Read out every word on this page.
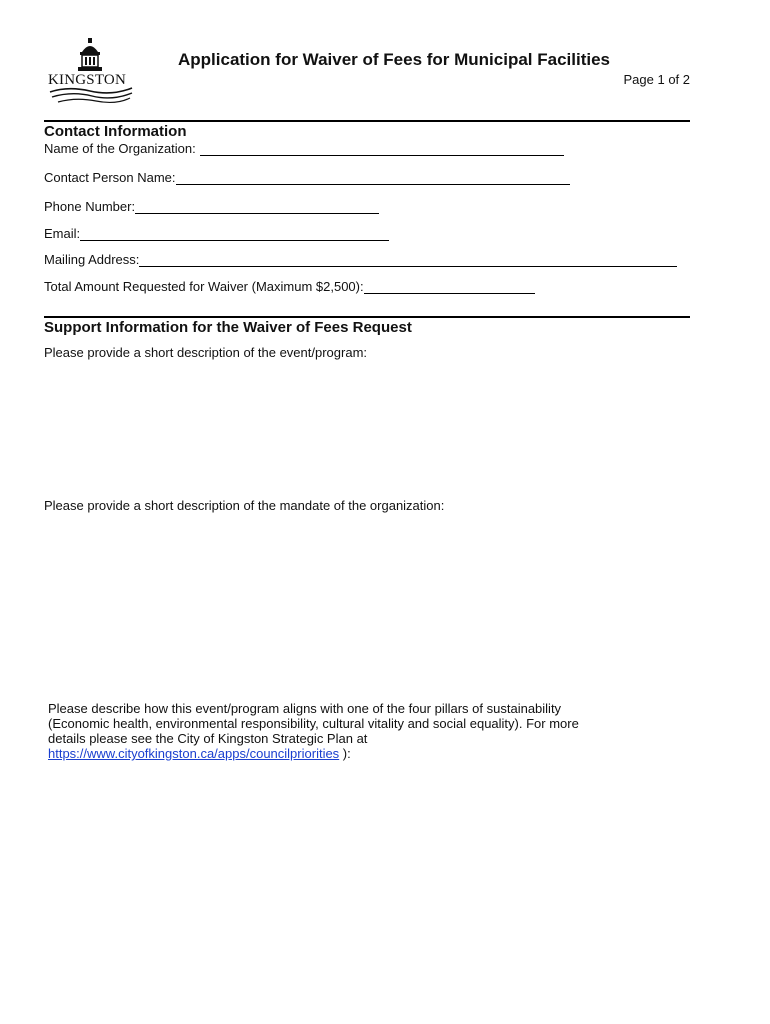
KINGSTON
Application for Waiver of Fees for Municipal Facilities
Page 1 of 2
Contact Information
Name of the Organization:
Contact Person Name:
Phone Number:
Email:
Mailing Address:
Total Amount Requested for Waiver (Maximum $2,500):
Support Information for the Waiver of Fees Request
Please provide a short description of the event/program:
Please provide a short description of the mandate of the organization:
Please describe how this event/program aligns with one of the four pillars of sustainability
(Economic health, environmental responsibility, cultural vitality and social equality). For more
details please see the City of Kingston Strategic Plan at
https://www.cityofkingston.ca/apps/councilpriorities ):
